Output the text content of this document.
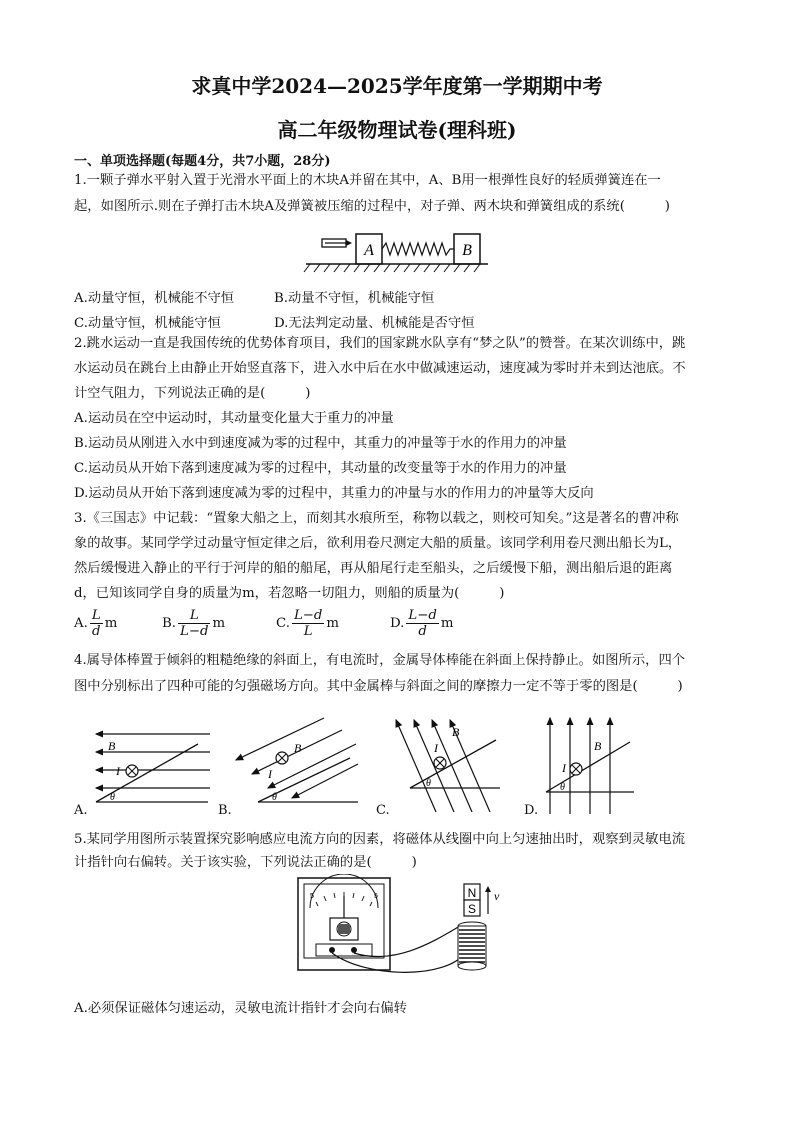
求真中学2024—2025学年度第一学期期中考
高二年级物理试卷(理科班)
一、单项选择题(每题4分，共7小题，28分)
1.一颗子弹水平射入置于光滑水平面上的木块A并留在其中，A、B用一根弹性良好的轻质弹簧连在一
起，如图所示.则在子弹打击木块A及弹簧被压缩的过程中，对子弹、两木块和弹簧组成的系统(　　　)
A	B
A.动量守恒，机械能不守恒	B.动量不守恒，机械能守恒
C.动量守恒，机械能守恒	D.无法判定动量、机械能是否守恒
2.跳水运动一直是我国传统的优势体育项目，我们的国家跳水队享有“梦之队”的赞誉。在某次训练中，跳
水运动员在跳台上由静止开始竖直落下，进入水中后在水中做减速运动，速度减为零时并未到达池底。不
计空气阻力，下列说法正确的是(　　　)
A.运动员在空中运动时，其动量变化量大于重力的冲量
B.运动员从刚进入水中到速度减为零的过程中，其重力的冲量等于水的作用力的冲量
C.运动员从开始下落到速度减为零的过程中，其动量的改变量等于水的作用力的冲量
D.运动员从开始下落到速度减为零的过程中，其重力的冲量与水的作用力的冲量等大反向
3.《三国志》中记载：“置象大船之上，而刻其水痕所至，称物以载之，则校可知矣。”这是著名的曹冲称
象的故事。某同学学过动量守恒定律之后，欲利用卷尺测定大船的质量。该同学利用卷尺测出船长为L，
然后缓慢进入静止的平行于河岸的船的船尾，再从船尾行走至船头，之后缓慢下船，测出船后退的距离
d，已知该同学自身的质量为m，若忽略一切阻力，则船的质量为(　　　)
A. $\frac{L}{d}$ m	B. $\frac{L}{L-d}$ m	C. $\frac{L-d}{L}$ m	D. $\frac{L-d}{d}$ m
4.属导体棒置于倾斜的粗糙绝缘的斜面上，有电流时，金属导体棒能在斜面上保持静止。如图所示，四个
图中分别标出了四种可能的匀强磁场方向。其中金属棒与斜面之间的摩擦力一定不等于零的图是(　　　)
θ
I
B
A.
θ
I
B
B.
θ
I
B
C.
θ
I
B
D.
5.某同学用图所示装置探究影响感应电流方向的因素，将磁体从线圈中向上匀速抽出时，观察到灵敏电流
计指针向右偏转。关于该实验，下列说法正确的是(　　　)
5	5	N
S
v
A.必须保证磁体匀速运动，灵敏电流计指针才会向右偏转
